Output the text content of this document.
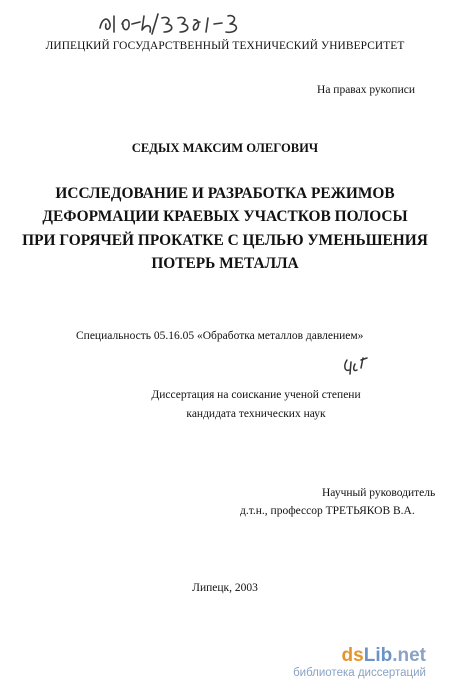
ЛИПЕЦКИЙ ГОСУДАРСТВЕННЫЙ ТЕХНИЧЕСКИЙ УНИВЕРСИТЕТ
На правах рукописи
СЕДЫХ МАКСИМ ОЛЕГОВИЧ
ИССЛЕДОВАНИЕ И РАЗРАБОТКА РЕЖИМОВ
ДЕФОРМАЦИИ КРАЕВЫХ УЧАСТКОВ ПОЛОСЫ
ПРИ ГОРЯЧЕЙ ПРОКАТКЕ С ЦЕЛЬЮ УМЕНЬШЕНИЯ
ПОТЕРЬ МЕТАЛЛА
Специальность 05.16.05 «Обработка металлов давлением»
Диссертация на соискание ученой степени
кандидата технических наук
Научный руководитель
д.т.н., профессор ТРЕТЬЯКОВ В.А.
Липецк, 2003
dsLib.net
библиотека диссертаций
